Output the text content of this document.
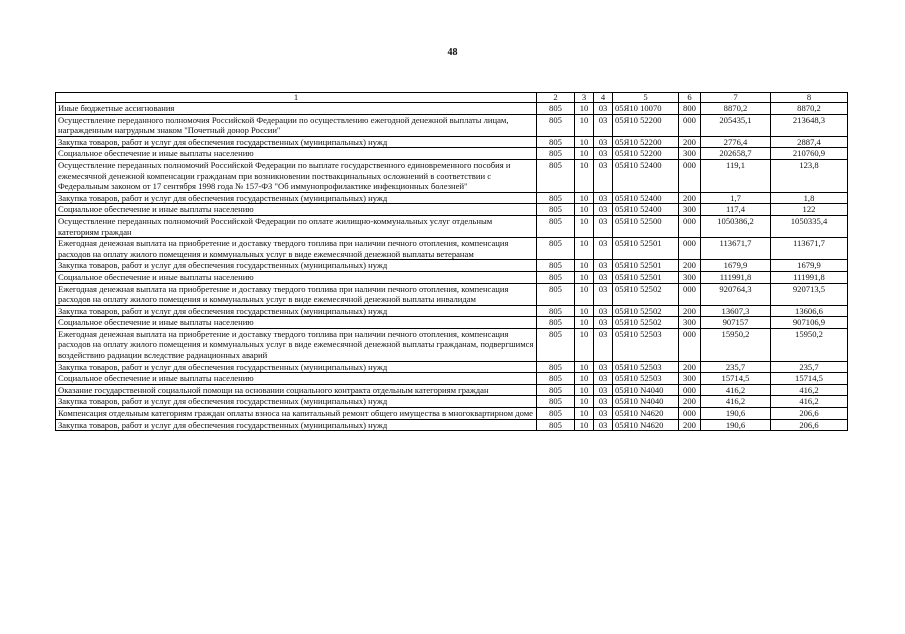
48
1	2	3	4	5	6	7	8
Иные бюджетные ассигнования	805	10	03	05Я10 10070	800	8870,2	8870,2
Осуществление переданного полномочия Российской Федерации по осуществлению ежегодной денежной выплаты лицам, награжденным нагрудным знаком "Почетный донор России"	805	10	03	05Я10 52200	000	205435,1	213648,3
Закупка товаров, работ и услуг для обеспечения государственных (муниципальных) нужд	805	10	03	05Я10 52200	200	2776,4	2887,4
Социальное обеспечение и иные выплаты населению	805	10	03	05Я10 52200	300	202658,7	210760,9
Осуществление переданных полномочий Российской Федерации по выплате государственного единовременного пособия и ежемесячной денежной компенсации гражданам при возникновении поствакцинальных осложнений в соответствии с Федеральным законом от 17 сентября 1998 года № 157-ФЗ "Об иммунопрофилактике инфекционных болезней"	805	10	03	05Я10 52400	000	119,1	123,8
Закупка товаров, работ и услуг для обеспечения государственных (муниципальных) нужд	805	10	03	05Я10 52400	200	1,7	1,8
Социальное обеспечение и иные выплаты населению	805	10	03	05Я10 52400	300	117,4	122
Осуществление переданных полномочий Российской Федерации по оплате жилищно-коммунальных услуг отдельным категориям граждан	805	10	03	05Я10 52500	000	1050386,2	1050335,4
Ежегодная денежная выплата на приобретение и доставку твердого топлива при наличии печного отопления, компенсация расходов на оплату жилого помещения и коммунальных услуг в виде ежемесячной денежной выплаты ветеранам	805	10	03	05Я10 52501	000	113671,7	113671,7
Закупка товаров, работ и услуг для обеспечения государственных (муниципальных) нужд	805	10	03	05Я10 52501	200	1679,9	1679,9
Социальное обеспечение и иные выплаты населению	805	10	03	05Я10 52501	300	111991,8	111991,8
Ежегодная денежная выплата на приобретение и доставку твердого топлива при наличии печного отопления, компенсация расходов на оплату жилого помещения и коммунальных услуг в виде ежемесячной денежной выплаты инвалидам	805	10	03	05Я10 52502	000	920764,3	920713,5
Закупка товаров, работ и услуг для обеспечения государственных (муниципальных) нужд	805	10	03	05Я10 52502	200	13607,3	13606,6
Социальное обеспечение и иные выплаты населению	805	10	03	05Я10 52502	300	907157	907106,9
Ежегодная денежная выплата на приобретение и доставку твердого топлива при наличии печного отопления, компенсация расходов на оплату жилого помещения и коммунальных услуг в виде ежемесячной денежной выплаты гражданам, подвергшимся воздействию радиации вследствие радиационных аварий	805	10	03	05Я10 52503	000	15950,2	15950,2
Закупка товаров, работ и услуг для обеспечения государственных (муниципальных) нужд	805	10	03	05Я10 52503	200	235,7	235,7
Социальное обеспечение и иные выплаты населению	805	10	03	05Я10 52503	300	15714,5	15714,5
Оказание государственной социальной помощи на основании социального контракта отдельным категориям граждан	805	10	03	05Я10 N4040	000	416,2	416,2
Закупка товаров, работ и услуг для обеспечения государственных (муниципальных) нужд	805	10	03	05Я10 N4040	200	416,2	416,2
Компенсация отдельным категориям граждан оплаты взноса на капитальный ремонт общего имущества в многоквартирном доме	805	10	03	05Я10 N4620	000	190,6	206,6
Закупка товаров, работ и услуг для обеспечения государственных (муниципальных) нужд	805	10	03	05Я10 N4620	200	190,6	206,6
